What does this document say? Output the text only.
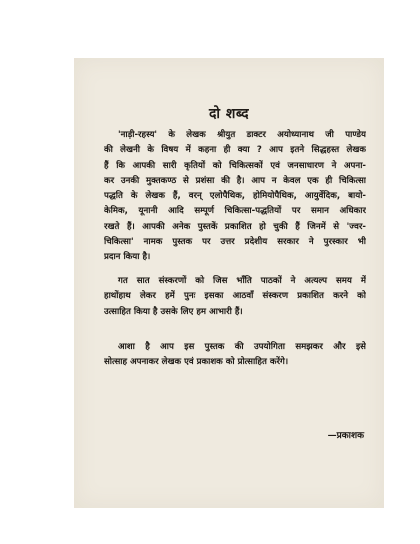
दो शब्द
'नाड़ी-रहस्य' के लेखक श्रीयुत डाक्टर अयोध्यानाथ जी पाण्डेय
की लेखनी के विषय में कहना ही क्या ? आप इतने सिद्धहस्त लेखक
हैं कि आपकी सारी कृतियों को चिकित्सकों एवं जनसाधारण ने अपना-
कर उनकी मुक्तकण्ठ से प्रशंसा की है। आप न केवल एक ही चिकित्सा
पद्धति के लेखक हैं, वरन् एलोपैथिक, होमियोपैथिक, आयुर्वेदिक, बायो-
केमिक, यूनानी आदि सम्पूर्ण चिकित्सा-पद्धतियों पर समान अधिकार
रखते हैं। आपकी अनेक पुस्तकें प्रकाशित हो चुकी हैं जिनमें से 'ज्वर-
चिकित्सा' नामक पुस्तक पर उत्तर प्रदेशीय सरकार ने पुरस्कार भी
प्रदान किया है।
गत सात संस्करणों को जिस भाँति पाठकों ने अत्यल्प समय में
हाथोंहाथ लेकर हमें पुनः इसका आठवाँ संस्करण प्रकाशित करने को
उत्साहित किया है उसके लिए हम आभारी हैं।
आशा है आप इस पुस्तक की उपयोगिता समझकर और इसे
सोत्साह अपनाकर लेखक एवं प्रकाशक को प्रोत्साहित करेंगे।

—प्रकाशक
